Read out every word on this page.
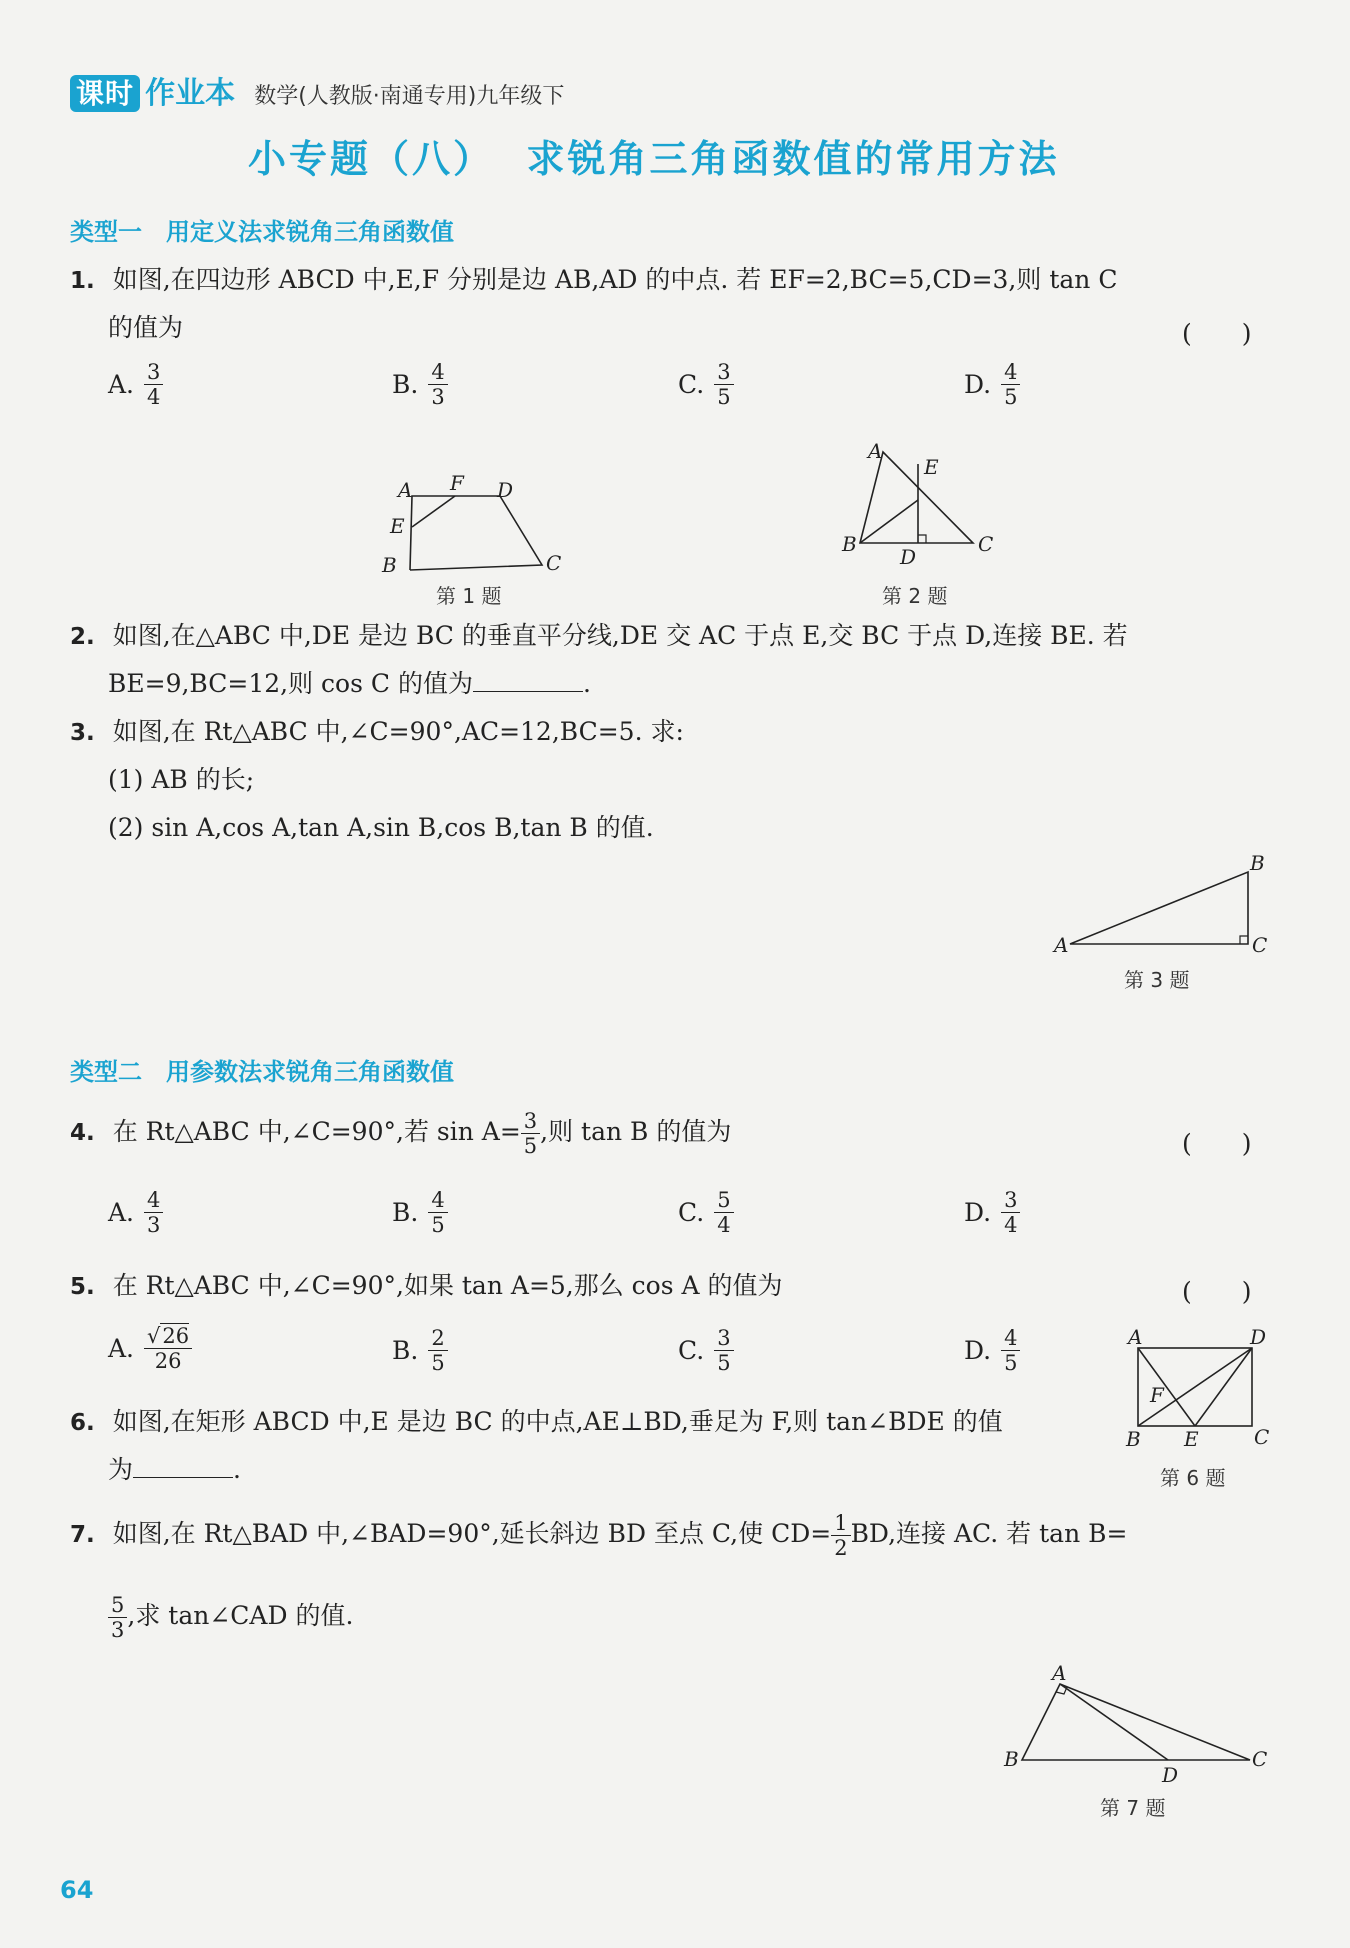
课时 作业本 数学(人教版·南通专用)九年级下
小专题（八）  求锐角三角函数值的常用方法
类型一　用定义法求锐角三角函数值
1. 如图,在四边形 ABCD 中,E,F 分别是边 AB,AD 的中点. 若 EF=2,BC=5,CD=3,则 tan C
的值为	(　　)
A. $\frac{3}{4}$	B. $\frac{4}{3}$	C. $\frac{3}{5}$	D. $\frac{4}{5}$
A F D
E
B	C
第 1 题
A
E
B
D
C
第 2 题
2. 如图,在△ABC 中,DE 是边 BC 的垂直平分线,DE 交 AC 于点 E,交 BC 于点 D,连接 BE. 若
BE=9,BC=12,则 cos C 的值为	.
3. 如图,在 Rt△ABC 中,∠C=90°,AC=12,BC=5. 求:
(1) AB 的长;
(2) sin A,cos A,tan A,sin B,cos B,tan B 的值.
A
B
C
第 3 题
类型二　用参数法求锐角三角函数值
4. 在 Rt△ABC 中,∠C=90°,若 $\sin A= \frac{3}{5}$ ,则 tan B 的值为	(　　)
A. $\frac{4}{3}$	B. $\frac{4}{5}$	C. $\frac{5}{4}$	D. $\frac{3}{4}$
5. 在 Rt△ABC 中,∠C=90°,如果 tan A=5,那么 cos A 的值为	(　　)
A. $\frac{√26}{26}$	B. $\frac{2}{5}$	C. $\frac{3}{5}$	D. $\frac{4}{5}$	A	D
F
B E	C
第 6 题
6. 如图,在矩形 ABCD 中,E 是边 BC 的中点,AE⊥BD,垂足为 F,则 tan∠BDE 的值
为	.
7. 如图,在 Rt△BAD 中,∠BAD=90°,延长斜边 BD 至点 C,使 $CD= \frac{1}{2}$ BD,连接 AC. 若 tan B=
$\frac{5}{3}$ ,求 tan∠CAD 的值.
A
B
D
C
第 7 题
64
